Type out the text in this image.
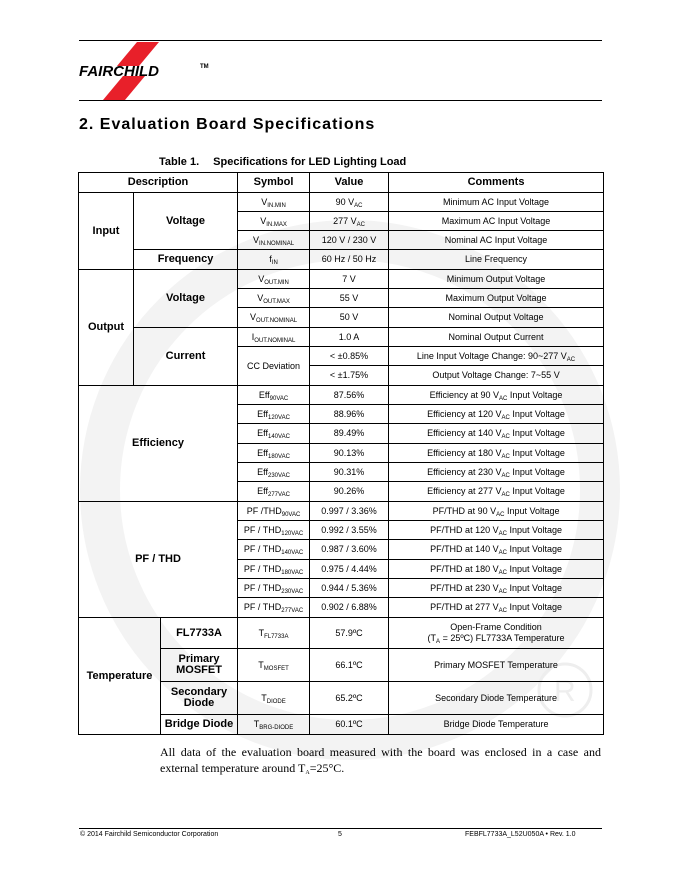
R
FAIRCHILD	TM
2. Evaluation Board Specifications
Table 1. Specifications for LED Lighting Load
Description			Symbol	Value	Comments
Input	Voltage		$V_{IN.MIN}$	90 $V_{AC}$	Minimum AC Input Voltage
			$V_{IN.MAX}$	277 $V_{AC}$	Maximum AC Input Voltage
			$V_{IN.NOMINAL}$	120 V / 230 V	Nominal AC Input Voltage
	Frequency		$f_{IN}$	60 Hz / 50 Hz	Line Frequency
Output	Voltage		$V_{OUT.MIN}$	7 V	Minimum Output Voltage
			$V_{OUT.MAX}$	55 V	Maximum Output Voltage
			$V_{OUT.NOMINAL}$	50 V	Nominal Output Voltage
	Current		$I_{OUT.NOMINAL}$	1.0 A	Nominal Output Current
			CC Deviation	< ±0.85%	Line Input Voltage Change: 90~277 $V_{AC}$
				< ±1.75%	Output Voltage Change: 7~55 V
Efficiency			Eff$_{90VAC}$	87.56%	Efficiency at 90 $V_{AC}$ Input Voltage
			Eff$_{120VAC}$	88.96%	Efficiency at 120 $V_{AC}$ Input Voltage
			Eff$_{140VAC}$	89.49%	Efficiency at 140 $V_{AC}$ Input Voltage
			Eff$_{180VAC}$	90.13%	Efficiency at 180 $V_{AC}$ Input Voltage
			Eff$_{230VAC}$	90.31%	Efficiency at 230 $V_{AC}$ Input Voltage
			Eff$_{277VAC}$	90.26%	Efficiency at 277 $V_{AC}$ Input Voltage
PF / THD			PF $/THD_{90VAC}$	0.997 / 3.36%	PF/THD at 90 $V_{AC}$ Input Voltage
			PF / $THD_{120VAC}$	0.992 / 3.55%	PF/THD at 120 $V_{AC}$ Input Voltage
			PF / $THD_{140VAC}$	0.987 / 3.60%	PF/THD at 140 $V_{AC}$ Input Voltage
			PF / $THD_{180VAC}$	0.975 / 4.44%	PF/THD at 180 $V_{AC}$ Input Voltage
			PF / $THD_{230VAC}$	0.944 / 5.36%	PF/THD at 230 $V_{AC}$ Input Voltage
			PF / $THD_{277VAC}$	0.902 / 6.88%	PF/THD at 277 $V_{AC}$ Input Voltage
Temperature		FL7733A	$T_{FL7733A}$	57.9ºC	Open-Frame Condition
($T_A$ = 25ºC) FL7733A Temperature
		Primary MOSFET	$T_{MOSFET}$	66.1ºC	Primary MOSFET Temperature
		Secondary Diode	$T_{DIODE}$	65.2ºC	Secondary Diode Temperature
		Bridge Diode	$T_{BRG-DIODE}$	60.1ºC	Bridge Diode Temperature
All data of the evaluation board measured with the board was enclosed in a case and external temperature around $T_A=25^\circ C$.
© 2014 Fairchild Semiconductor Corporation	5	FEBFL7733A_L52U050A • Rev. 1.0
